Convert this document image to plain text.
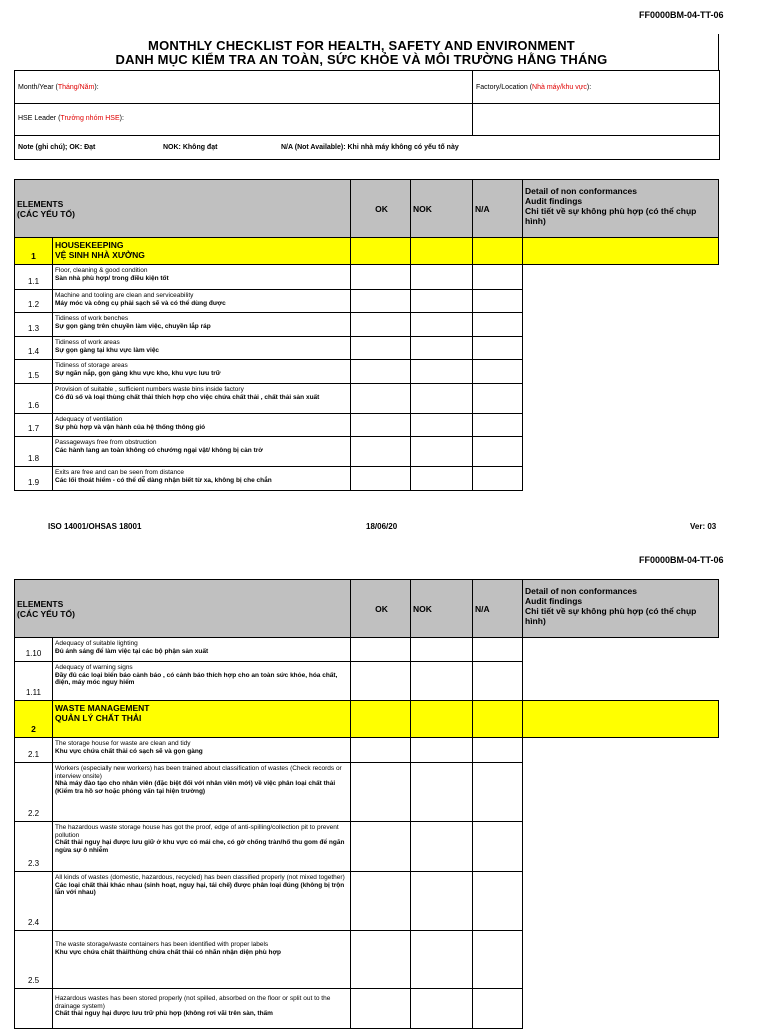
FF0000BM-04-TT-06
MONTHLY CHECKLIST FOR HEALTH, SAFETY AND ENVIRONMENT
DANH MỤC KIỂM TRA AN TOÀN, SỨC KHỎE VÀ MÔI TRƯỜNG HẰNG THÁNG
Month/Year ( Tháng/Năm ):	Factory/Location ( Nhà máy/khu vực ):
HSE Leader ( Trưởng nhóm HSE ):
Note (ghi chú); OK: Đạt	NOK: Không đạt	N/A (Not Available): Khi nhà máy không có yếu tố này
ELEMENTS
(CÁC YẾU TỐ)		OK	NOK	N/A	Detail of non conformances
Audit findings
Chi tiết về sự không phù hợp (có thể chụp hình)
1	HOUSEKEEPING
VỆ SINH NHÀ XƯỞNG				

1.1	Floor, cleaning & good condition
Sàn nhà phù hợp/ trong điều kiện tốt				

1.2	Machine and tooling are clean and serviceability
Máy móc và công cụ phải sạch sẽ và có thể dùng được				

1.3	Tidiness of work benches
Sự gọn gàng trên chuyền làm việc, chuyền lắp ráp				

1.4	Tidiness of work areas
Sự gọn gàng tại khu vực làm việc				

1.5	Tidiness of storage areas
Sự ngăn nắp, gọn gàng khu vực kho, khu vực lưu trữ				

1.6	Provision of suitable , sufficient numbers waste bins inside factory
Có đủ số và loại thùng chất thải thích hợp cho việc chứa chất thải , chất thải sản xuất				

1.7	Adequacy of ventilation
Sự phù hợp và vận hành của hệ thống thông gió				

1.8	Passageways free from obstruction
Các hành lang an toàn không có chướng ngại vật/ không bị cản trở				

1.9	Exits are free and can be seen from distance
Các lối thoát hiểm - có thể dễ dàng nhận biết từ xa, không bị che chắn				

ISO 14001/OHSAS 18001	18/06/20	Ver: 03
FF0000BM-04-TT-06
ELEMENTS
(CÁC YẾU TỐ)		OK	NOK	N/A	Detail of non conformances
Audit findings
Chi tiết về sự không phù hợp (có thể chụp hình)
1.10	Adequacy of suitable lighting
Đủ ánh sáng để làm việc tại các bộ phận sản xuất				

1.11	Adequacy of warning signs
Đầy đủ các loại biển báo cảnh báo , có cảnh báo thích hợp cho an toàn sức khỏe, hóa chất, điện, máy móc nguy hiểm				

2	WASTE MANAGEMENT
QUẢN LÝ CHẤT THẢI				

2.1	The storage house for waste are clean and tidy
Khu vực chứa chất thải có sạch sẽ và gọn gàng				

2.2	Workers (especially new workers) has been trained about classification of wastes (Check records or interview onsite)
Nhà máy đào tạo cho nhân viên (đặc biệt đối với nhân viên mới) về việc phân loại chất thải (Kiểm tra hồ sơ hoặc phỏng vấn tại hiện trường)				

2.3	The hazardous waste storage house has got the proof, edge of anti-spilling/collection pit to prevent pollution
Chất thải nguy hại được lưu giữ ở khu vực có mái che, có gờ chống tràn/hố thu gom để ngăn ngừa sự ô nhiễm				

2.4	All kinds of wastes (domestic, hazardous, recycled) has been classified properly (not mixed together)
Các loại chất thải khác nhau (sinh hoạt, nguy hại, tái chế) được phân loại đúng (không bị trộn lẫn với nhau)				

2.5	The waste storage/waste containers has been identified with proper labels
Khu vực chứa chất thải/thùng chứa chất thải có nhãn nhận diện phù hợp				

Hazardous wastes has been stored properly (not spilled, absorbed on the floor or split out to the drainage system)
Chất thải nguy hại được lưu trữ phù hợp (không rơi vãi trên sàn, thấm				
